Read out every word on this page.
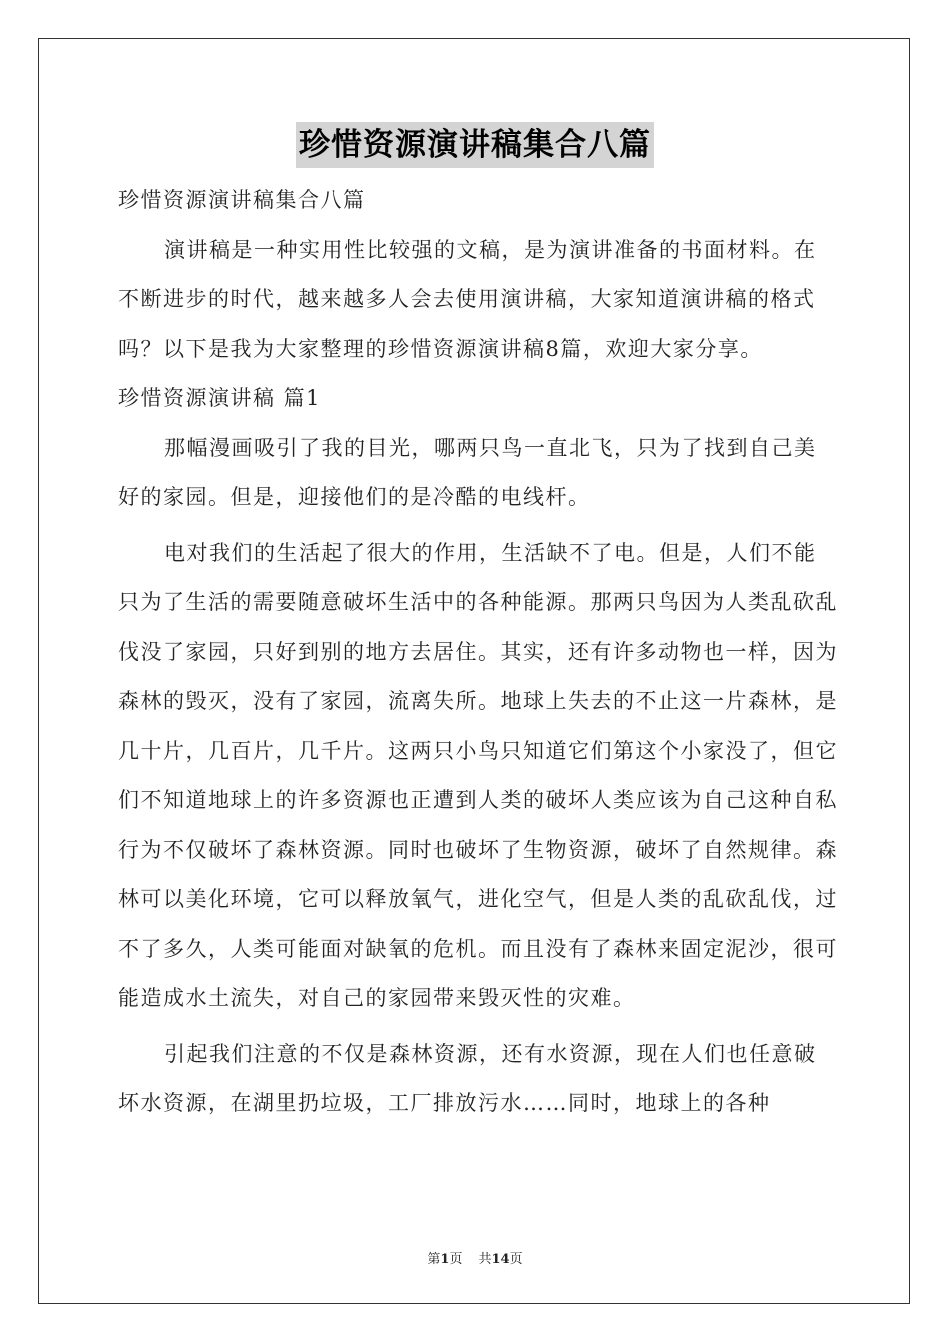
珍惜资源演讲稿集合八篇

珍惜资源演讲稿集合八篇

演讲稿是一种实用性比较强的文稿，是为演讲准备的书面材料。在不断进步的时代，越来越多人会去使用演讲稿，大家知道演讲稿的格式吗？以下是我为大家整理的珍惜资源演讲稿8篇，欢迎大家分享。

珍惜资源演讲稿 篇1

那幅漫画吸引了我的目光，哪两只鸟一直北飞，只为了找到自己美好的家园。但是，迎接他们的是冷酷的电线杆。

电对我们的生活起了很大的作用，生活缺不了电。但是，人们不能只为了生活的需要随意破坏生活中的各种能源。那两只鸟因为人类乱砍乱伐没了家园，只好到别的地方去居住。其实，还有许多动物也一样，因为森林的毁灭，没有了家园，流离失所。地球上失去的不止这一片森林，是几十片，几百片，几千片。这两只小鸟只知道它们第这个小家没了，但它们不知道地球上的许多资源也正遭到人类的破坏人类应该为自己这种自私行为不仅破坏了森林资源。同时也破坏了生物资源，破坏了自然规律。森林可以美化环境，它可以释放氧气，进化空气，但是人类的乱砍乱伐，过不了多久，人类可能面对缺氧的危机。而且没有了森林来固定泥沙，很可能造成水土流失，对自己的家园带来毁灭性的灾难。

引起我们注意的不仅是森林资源，还有水资源，现在人们也任意破坏水资源，在湖里扔垃圾，工厂排放污水……同时，地球上的各种

第1页 共14页
